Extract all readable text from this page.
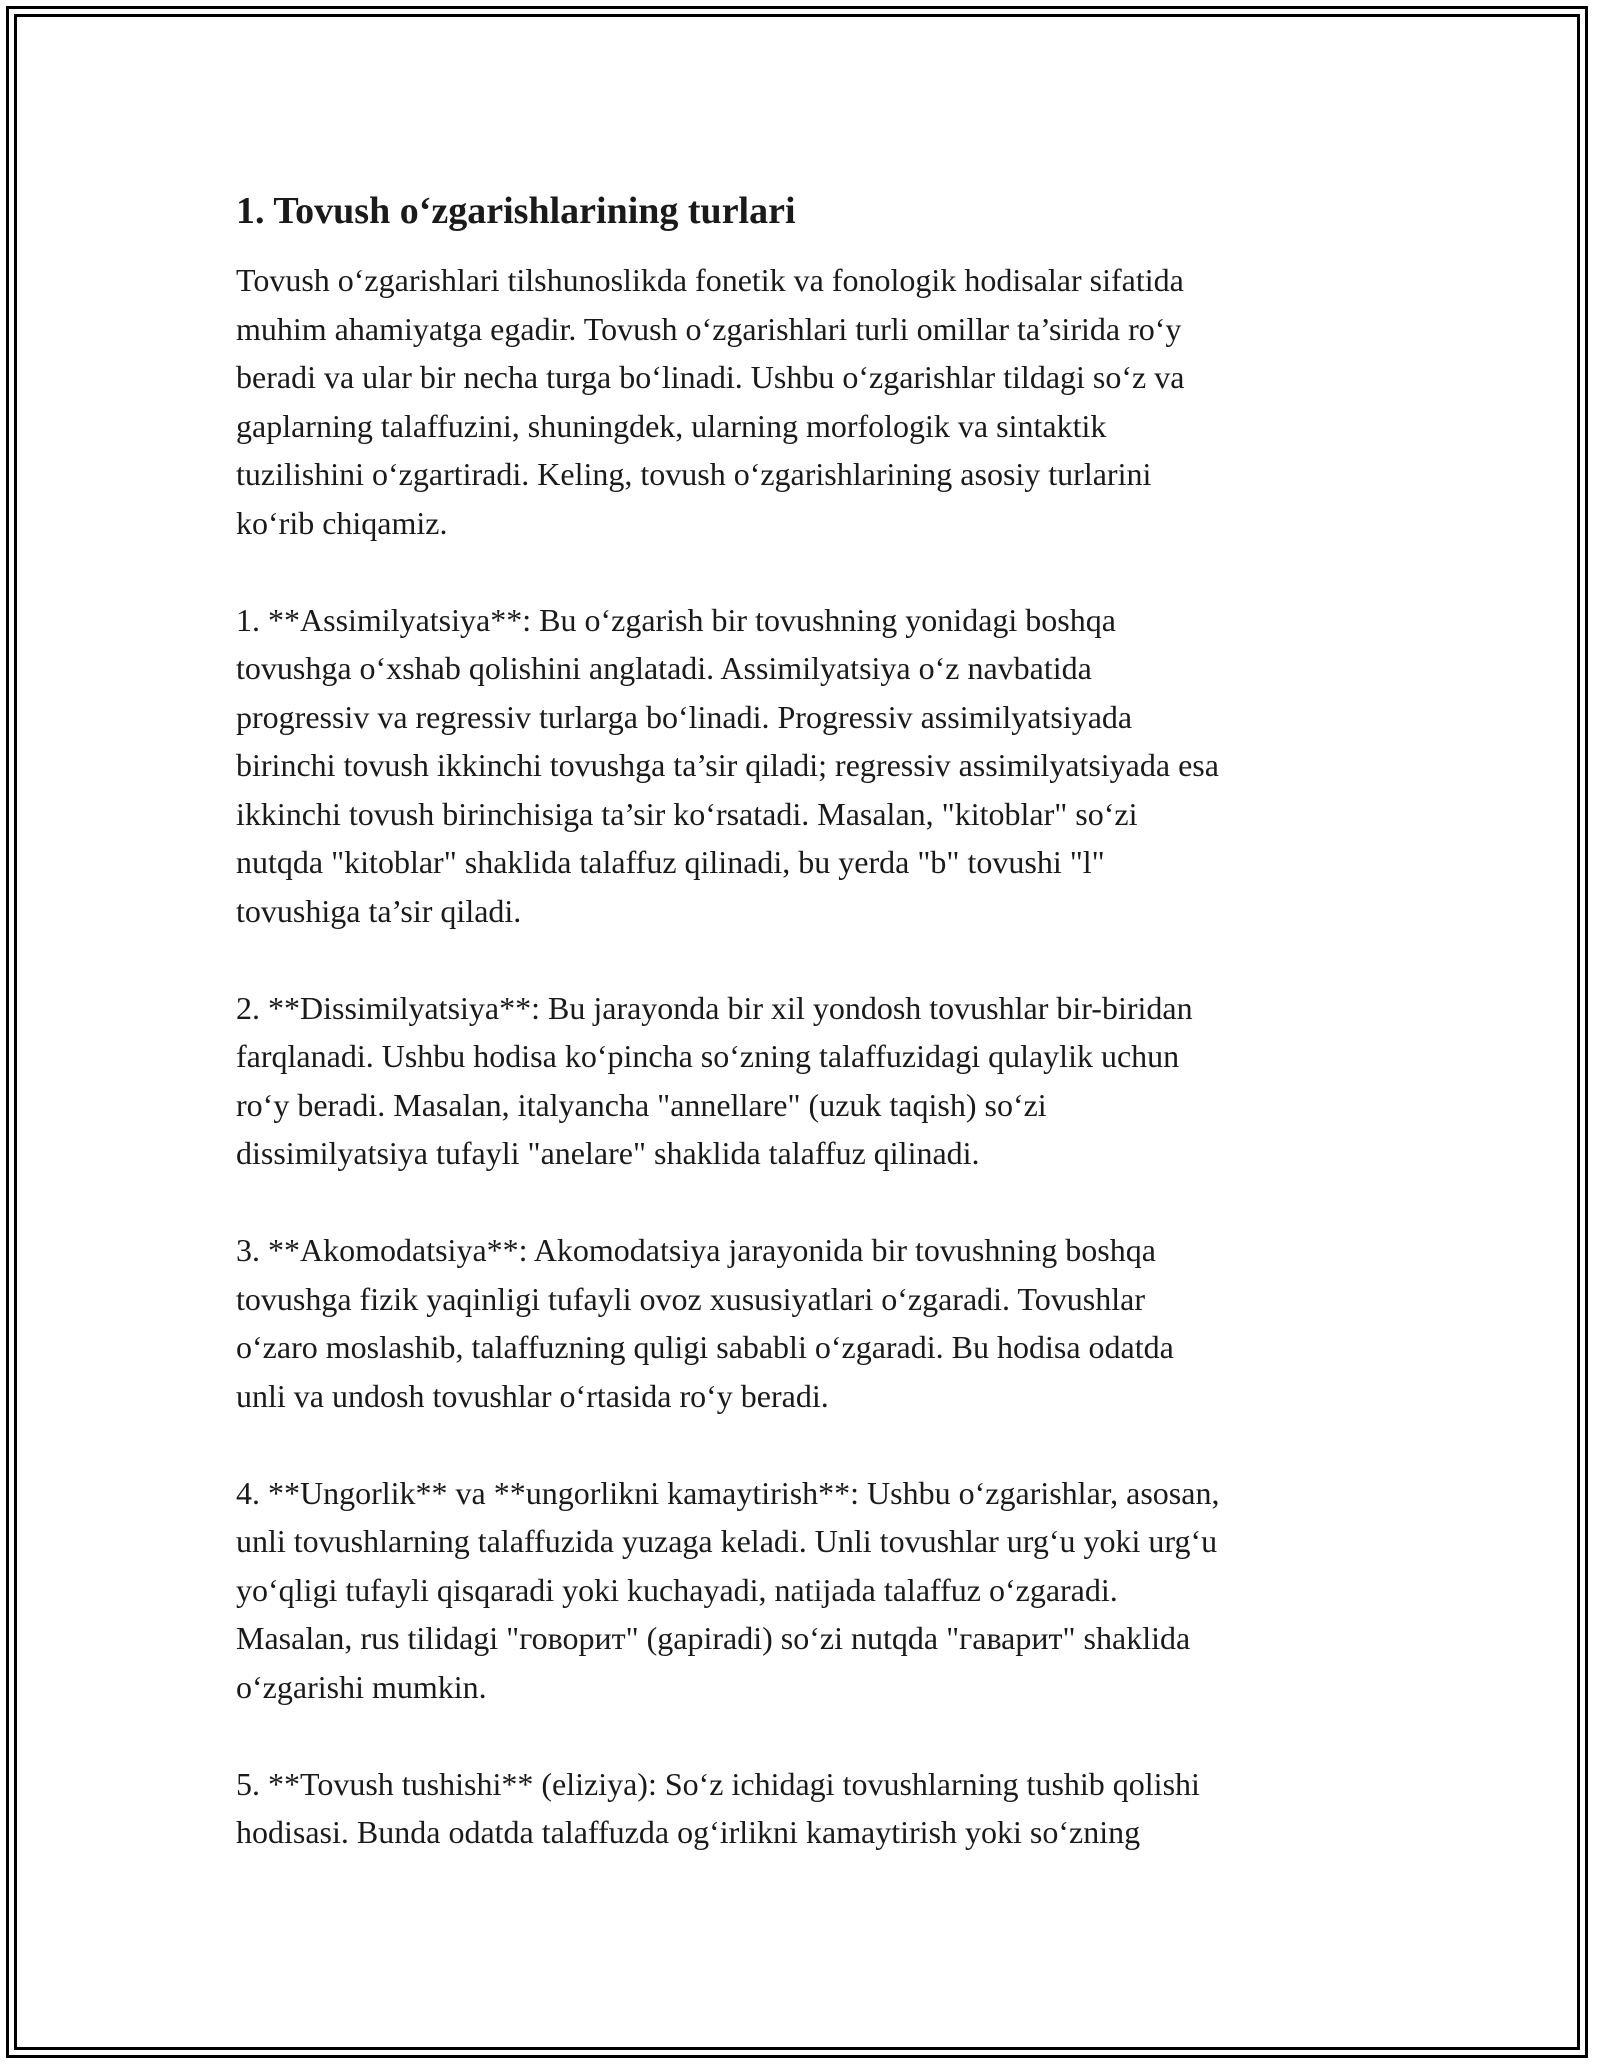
1. Tovush o‘zgarishlarining turlari

Tovush o‘zgarishlari tilshunoslikda fonetik va fonologik hodisalar sifatida
muhim ahamiyatga egadir. Tovush o‘zgarishlari turli omillar ta’sirida ro‘y
beradi va ular bir necha turga bo‘linadi. Ushbu o‘zgarishlar tildagi so‘z va
gaplarning talaffuzini, shuningdek, ularning morfologik va sintaktik
tuzilishini o‘zgartiradi. Keling, tovush o‘zgarishlarining asosiy turlarini
ko‘rib chiqamiz.

1. **Assimilyatsiya**: Bu o‘zgarish bir tovushning yonidagi boshqa
tovushga o‘xshab qolishini anglatadi. Assimilyatsiya o‘z navbatida
progressiv va regressiv turlarga bo‘linadi. Progressiv assimilyatsiyada
birinchi tovush ikkinchi tovushga ta’sir qiladi; regressiv assimilyatsiyada esa
ikkinchi tovush birinchisiga ta’sir ko‘rsatadi. Masalan, "kitoblar" so‘zi
nutqda "kitoblar" shaklida talaffuz qilinadi, bu yerda "b" tovushi "l"
tovushiga ta’sir qiladi.

2. **Dissimilyatsiya**: Bu jarayonda bir xil yondosh tovushlar bir-biridan
farqlanadi. Ushbu hodisa ko‘pincha so‘zning talaffuzidagi qulaylik uchun
ro‘y beradi. Masalan, italyancha "annellare" (uzuk taqish) so‘zi
dissimilyatsiya tufayli "anelare" shaklida talaffuz qilinadi.

3. **Akomodatsiya**: Akomodatsiya jarayonida bir tovushning boshqa
tovushga fizik yaqinligi tufayli ovoz xususiyatlari o‘zgaradi. Tovushlar
o‘zaro moslashib, talaffuzning quligi sababli o‘zgaradi. Bu hodisa odatda
unli va undosh tovushlar o‘rtasida ro‘y beradi.

4. **Ungorlik** va **ungorlikni kamaytirish**: Ushbu o‘zgarishlar, asosan,
unli tovushlarning talaffuzida yuzaga keladi. Unli tovushlar urg‘u yoki urg‘u
yo‘qligi tufayli qisqaradi yoki kuchayadi, natijada talaffuz o‘zgaradi.
Masalan, rus tilidagi "говорит" (gapiradi) so‘zi nutqda "гаварит" shaklida
o‘zgarishi mumkin.

5. **Tovush tushishi** (eliziya): So‘z ichidagi tovushlarning tushib qolishi
hodisasi. Bunda odatda talaffuzda og‘irlikni kamaytirish yoki so‘zning
